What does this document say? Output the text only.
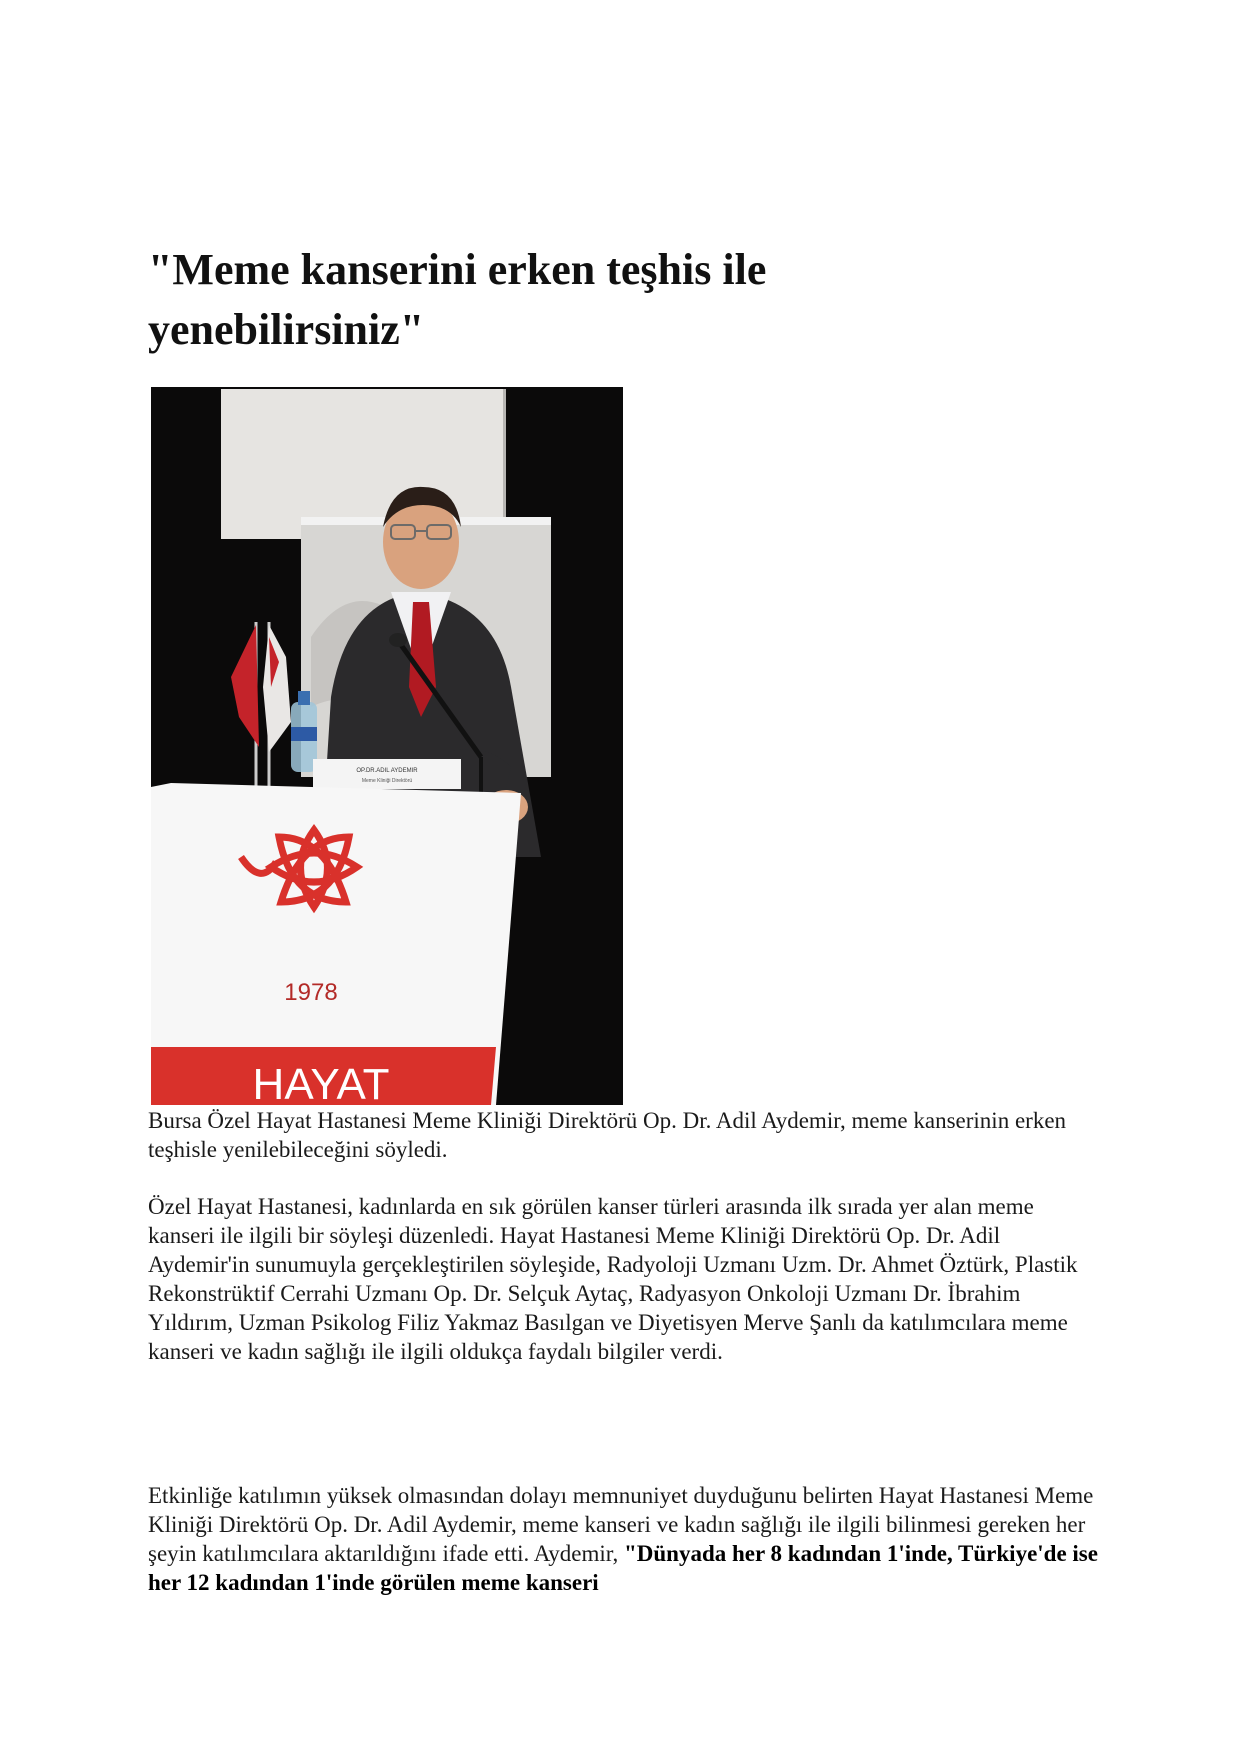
"Meme kanserini erken teşhis ile yenebilirsiniz"
OP.DR.ADIL AYDEMIR
Meme Kliniği Direktörü
1978
HAYAT

Bursa Özel Hayat Hastanesi Meme Kliniği Direktörü Op. Dr. Adil Aydemir, meme kanserinin erken teşhisle yenilebileceğini söyledi.

Özel Hayat Hastanesi, kadınlarda en sık görülen kanser türleri arasında ilk sırada yer alan meme kanseri ile ilgili bir söyleşi düzenledi. Hayat Hastanesi Meme Kliniği Direktörü Op. Dr. Adil Aydemir'in sunumuyla gerçekleştirilen söyleşide, Radyoloji Uzmanı Uzm. Dr. Ahmet Öztürk, Plastik Rekonstrüktif Cerrahi Uzmanı Op. Dr. Selçuk Aytaç, Radyasyon Onkoloji Uzmanı Dr. İbrahim Yıldırım, Uzman Psikolog Filiz Yakmaz Basılgan ve Diyetisyen Merve Şanlı da katılımcılara meme kanseri ve kadın sağlığı ile ilgili oldukça faydalı bilgiler verdi.

Etkinliğe katılımın yüksek olmasından dolayı memnuniyet duyduğunu belirten Hayat Hastanesi Meme Kliniği Direktörü Op. Dr. Adil Aydemir, meme kanseri ve kadın sağlığı ile ilgili bilinmesi gereken her şeyin katılımcılara aktarıldığını ifade etti. Aydemir, "Dünyada her 8 kadından 1'inde, Türkiye'de ise her 12 kadından 1'inde görülen meme kanseri
